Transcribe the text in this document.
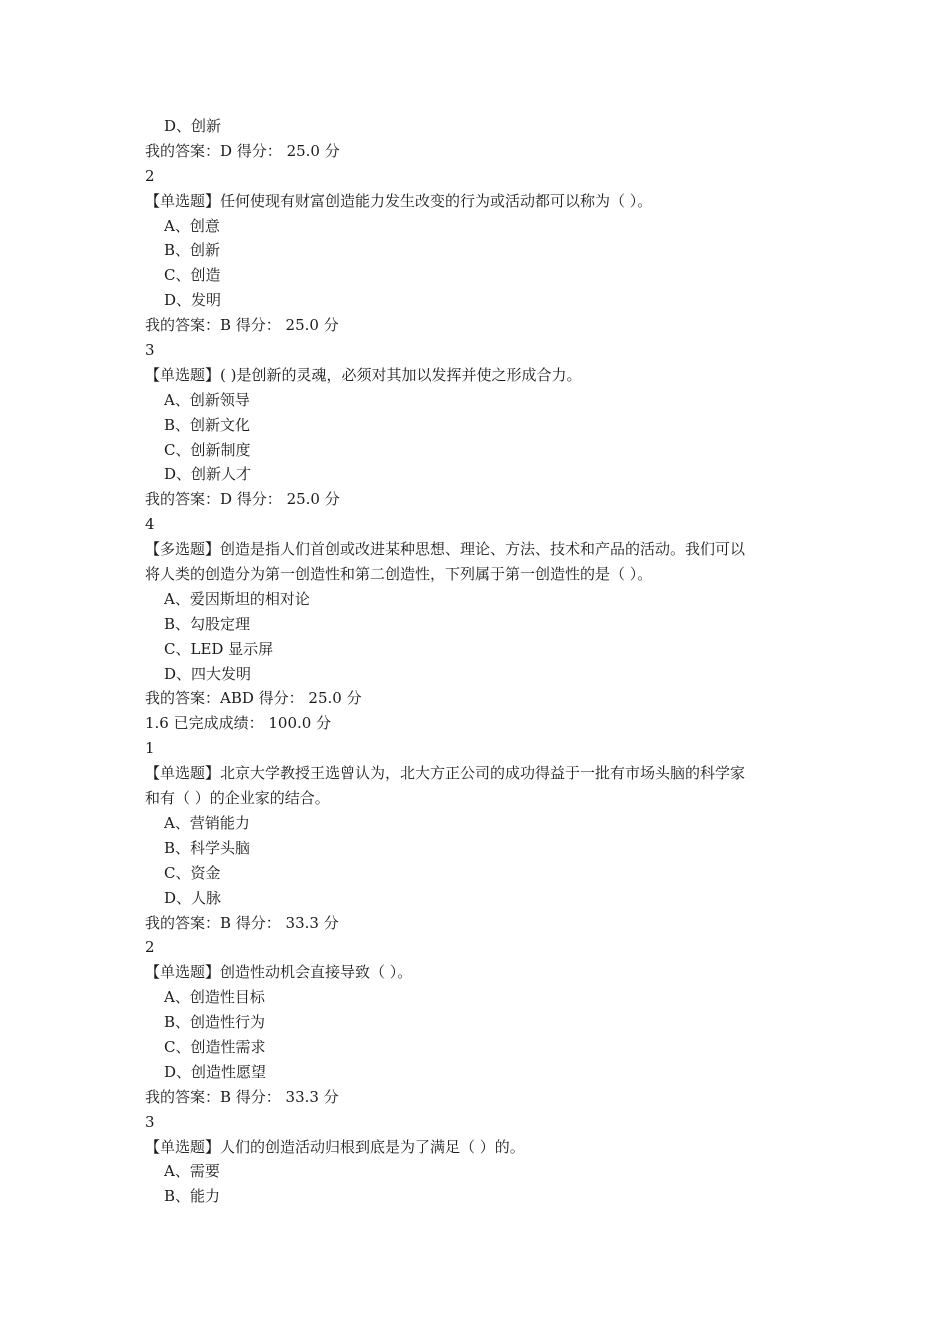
D、创新
我的答案：D 得分： 25.0 分
2
【单选题】任何使现有财富创造能力发生改变的行为或活动都可以称为（ ）。
A、创意
B、创新
C、创造
D、发明
我的答案：B 得分： 25.0 分
3
【单选题】( )是创新的灵魂，必须对其加以发挥并使之形成合力。
A、创新领导
B、创新文化
C、创新制度
D、创新人才
我的答案：D 得分： 25.0 分
4
【多选题】创造是指人们首创或改进某种思想、理论、方法、技术和产品的活动。我们可以
将人类的创造分为第一创造性和第二创造性，下列属于第一创造性的是（ ）。
A、爱因斯坦的相对论
B、勾股定理
C、LED 显示屏
D、四大发明
我的答案：ABD 得分： 25.0 分
1.6 已完成成绩： 100.0 分
1
【单选题】北京大学教授王选曾认为，北大方正公司的成功得益于一批有市场头脑的科学家
和有（ ）的企业家的结合。
A、营销能力
B、科学头脑
C、资金
D、人脉
我的答案：B 得分： 33.3 分
2
【单选题】创造性动机会直接导致（ ）。
A、创造性目标
B、创造性行为
C、创造性需求
D、创造性愿望
我的答案：B 得分： 33.3 分
3
【单选题】人们的创造活动归根到底是为了满足（ ）的。
A、需要
B、能力
